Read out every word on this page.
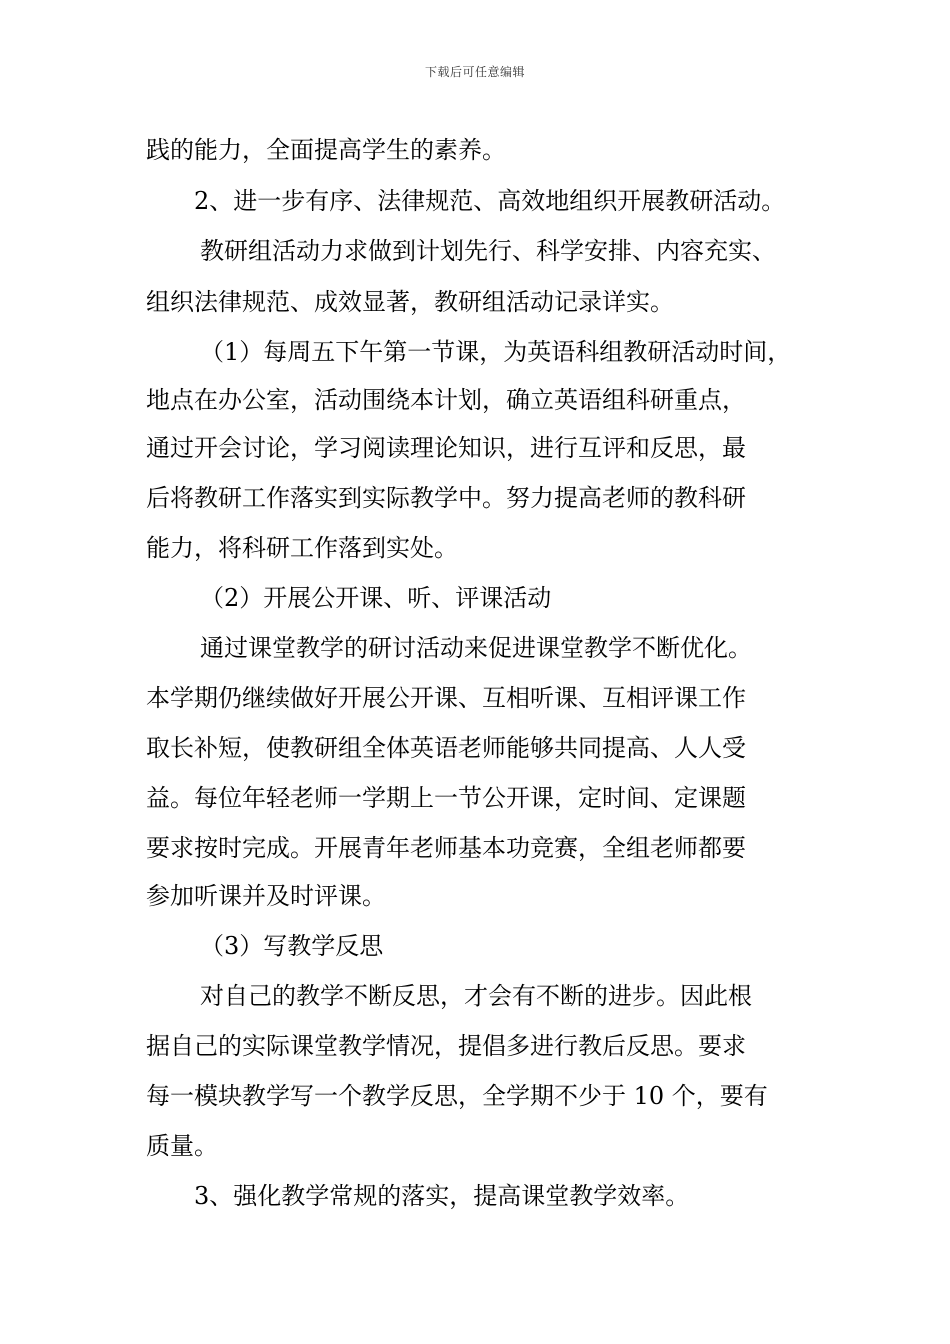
下载后可任意编辑
践的能力，全面提高学生的素养。
2、进一步有序、法律规范、高效地组织开展教研活动。
教研组活动力求做到计划先行、科学安排、内容充实、
组织法律规范、成效显著，教研组活动记录详实。
（1）每周五下午第一节课，为英语科组教研活动时间，
地点在办公室，活动围绕本计划，确立英语组科研重点，
通过开会讨论，学习阅读理论知识，进行互评和反思，最
后将教研工作落实到实际教学中。努力提高老师的教科研
能力，将科研工作落到实处。
（2）开展公开课、听、评课活动
通过课堂教学的研讨活动来促进课堂教学不断优化。
本学期仍继续做好开展公开课、互相听课、互相评课工作
取长补短，使教研组全体英语老师能够共同提高、人人受
益。每位年轻老师一学期上一节公开课，定时间、定课题
要求按时完成。开展青年老师基本功竞赛，全组老师都要
参加听课并及时评课。
（3）写教学反思
对自己的教学不断反思，才会有不断的进步。因此根
据自己的实际课堂教学情况，提倡多进行教后反思。要求
每一模块教学写一个教学反思，全学期不少于 10 个，要有
质量。
3、强化教学常规的落实，提高课堂教学效率。
